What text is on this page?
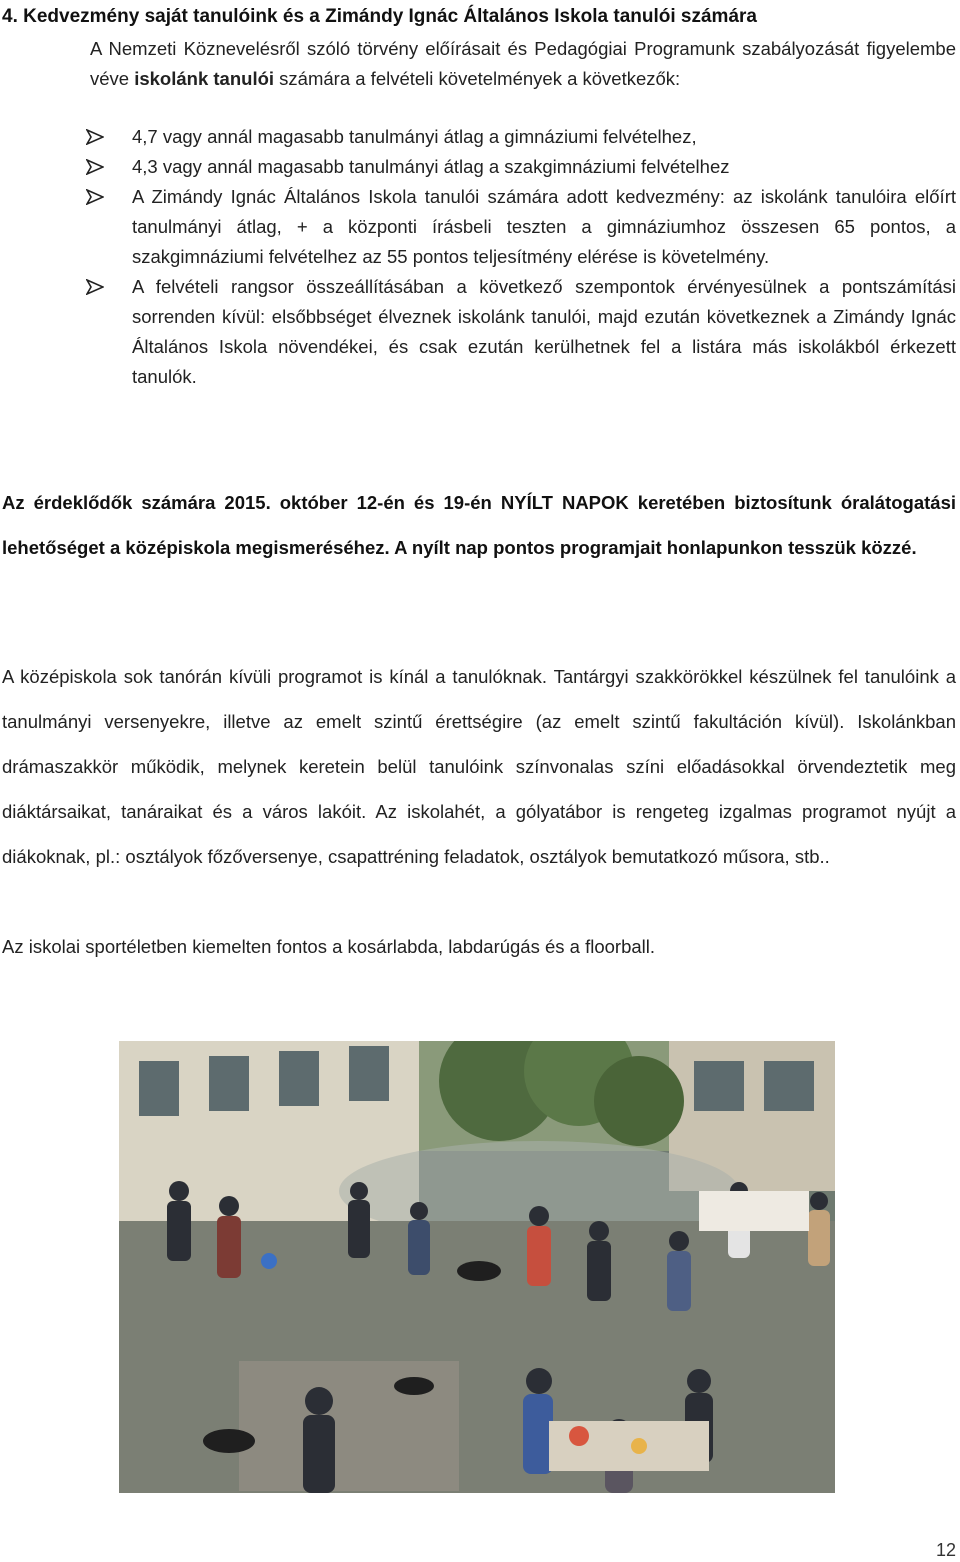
4. Kedvezmény saját tanulóink és a Zimándy Ignác Általános Iskola tanulói számára
A Nemzeti Köznevelésről szóló törvény előírásait és Pedagógiai Programunk szabályozását figyelembe véve iskolánk tanulói számára a felvételi követelmények a következők:
4,7 vagy annál magasabb tanulmányi átlag a gimnáziumi felvételhez,
4,3 vagy annál magasabb tanulmányi átlag a szakgimnáziumi felvételhez
A Zimándy Ignác Általános Iskola tanulói számára adott kedvezmény: az iskolánk tanulóira előírt tanulmányi átlag, + a központi írásbeli teszten a gimnáziumhoz összesen 65 pontos, a szakgimnáziumi felvételhez az 55 pontos teljesítmény elérése is követelmény.
A felvételi rangsor összeállításában a következő szempontok érvényesülnek a pontszámítási sorrenden kívül: elsőbbséget élveznek iskolánk tanulói, majd ezután következnek a Zimándy Ignác Általános Iskola növendékei, és csak ezután kerülhetnek fel a listára más iskolákból érkezett tanulók.
Az érdeklődők számára 2015. október 12-én és 19-én NYÍLT NAPOK keretében biztosítunk óralátogatási lehetőséget a középiskola megismeréséhez. A nyílt nap pontos programjait honlapunkon tesszük közzé.
A középiskola sok tanórán kívüli programot is kínál a tanulóknak. Tantárgyi szakkörökkel készülnek fel tanulóink a tanulmányi versenyekre, illetve az emelt szintű érettségire (az emelt szintű fakultáción kívül). Iskolánkban drámaszakkör működik, melynek keretein belül tanulóink színvonalas színi előadásokkal örvendeztetik meg diáktársaikat, tanáraikat és a város lakóit. Az iskolahét, a gólyatábor is rengeteg izgalmas programot nyújt a diákoknak, pl.: osztályok főzőversenye, csapattréning feladatok, osztályok bemutatkozó műsora, stb..
Az iskolai sportéletben kiemelten fontos a kosárlabda, labdarúgás és a floorball.
12
